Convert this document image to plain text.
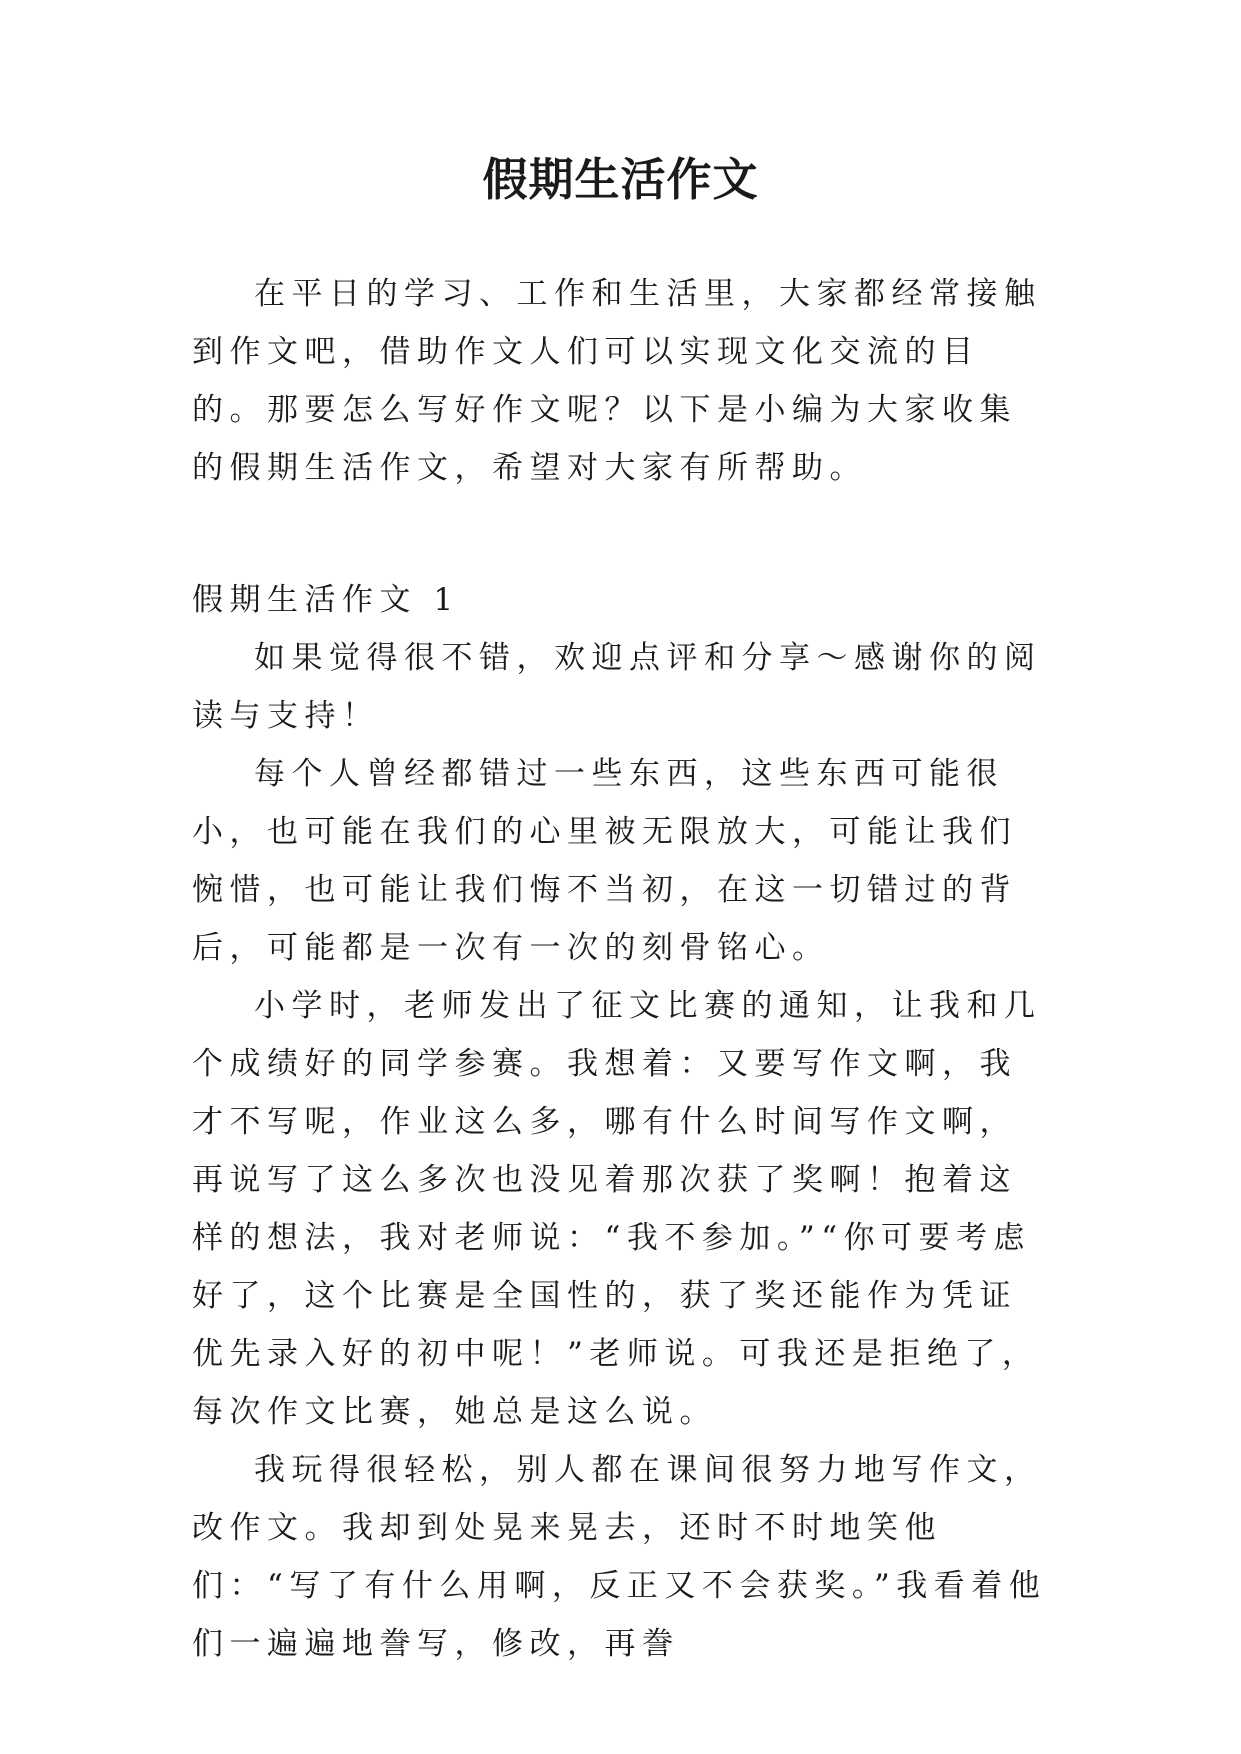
假期生活作文

在平日的学习、工作和生活里，大家都经常接触到作文吧，借助作文人们可以实现文化交流的目的。那要怎么写好作文呢？以下是小编为大家收集的假期生活作文，希望对大家有所帮助。

假期生活作文 1

如果觉得很不错，欢迎点评和分享～感谢你的阅读与支持！

每个人曾经都错过一些东西，这些东西可能很小，也可能在我们的心里被无限放大，可能让我们惋惜，也可能让我们悔不当初，在这一切错过的背后，可能都是一次有一次的刻骨铭心。

小学时，老师发出了征文比赛的通知，让我和几个成绩好的同学参赛。我想着：又要写作文啊，我才不写呢，作业这么多，哪有什么时间写作文啊，再说写了这么多次也没见着那次获了奖啊！抱着这样的想法，我对老师说：“我不参加。”“你可要考虑好了，这个比赛是全国性的，获了奖还能作为凭证优先录入好的初中呢！”老师说。可我还是拒绝了，每次作文比赛，她总是这么说。

我玩得很轻松，别人都在课间很努力地写作文，改作文。我却到处晃来晃去，还时不时地笑他们：“写了有什么用啊，反正又不会获奖。”我看着他们一遍遍地誊写，修改，再誊
